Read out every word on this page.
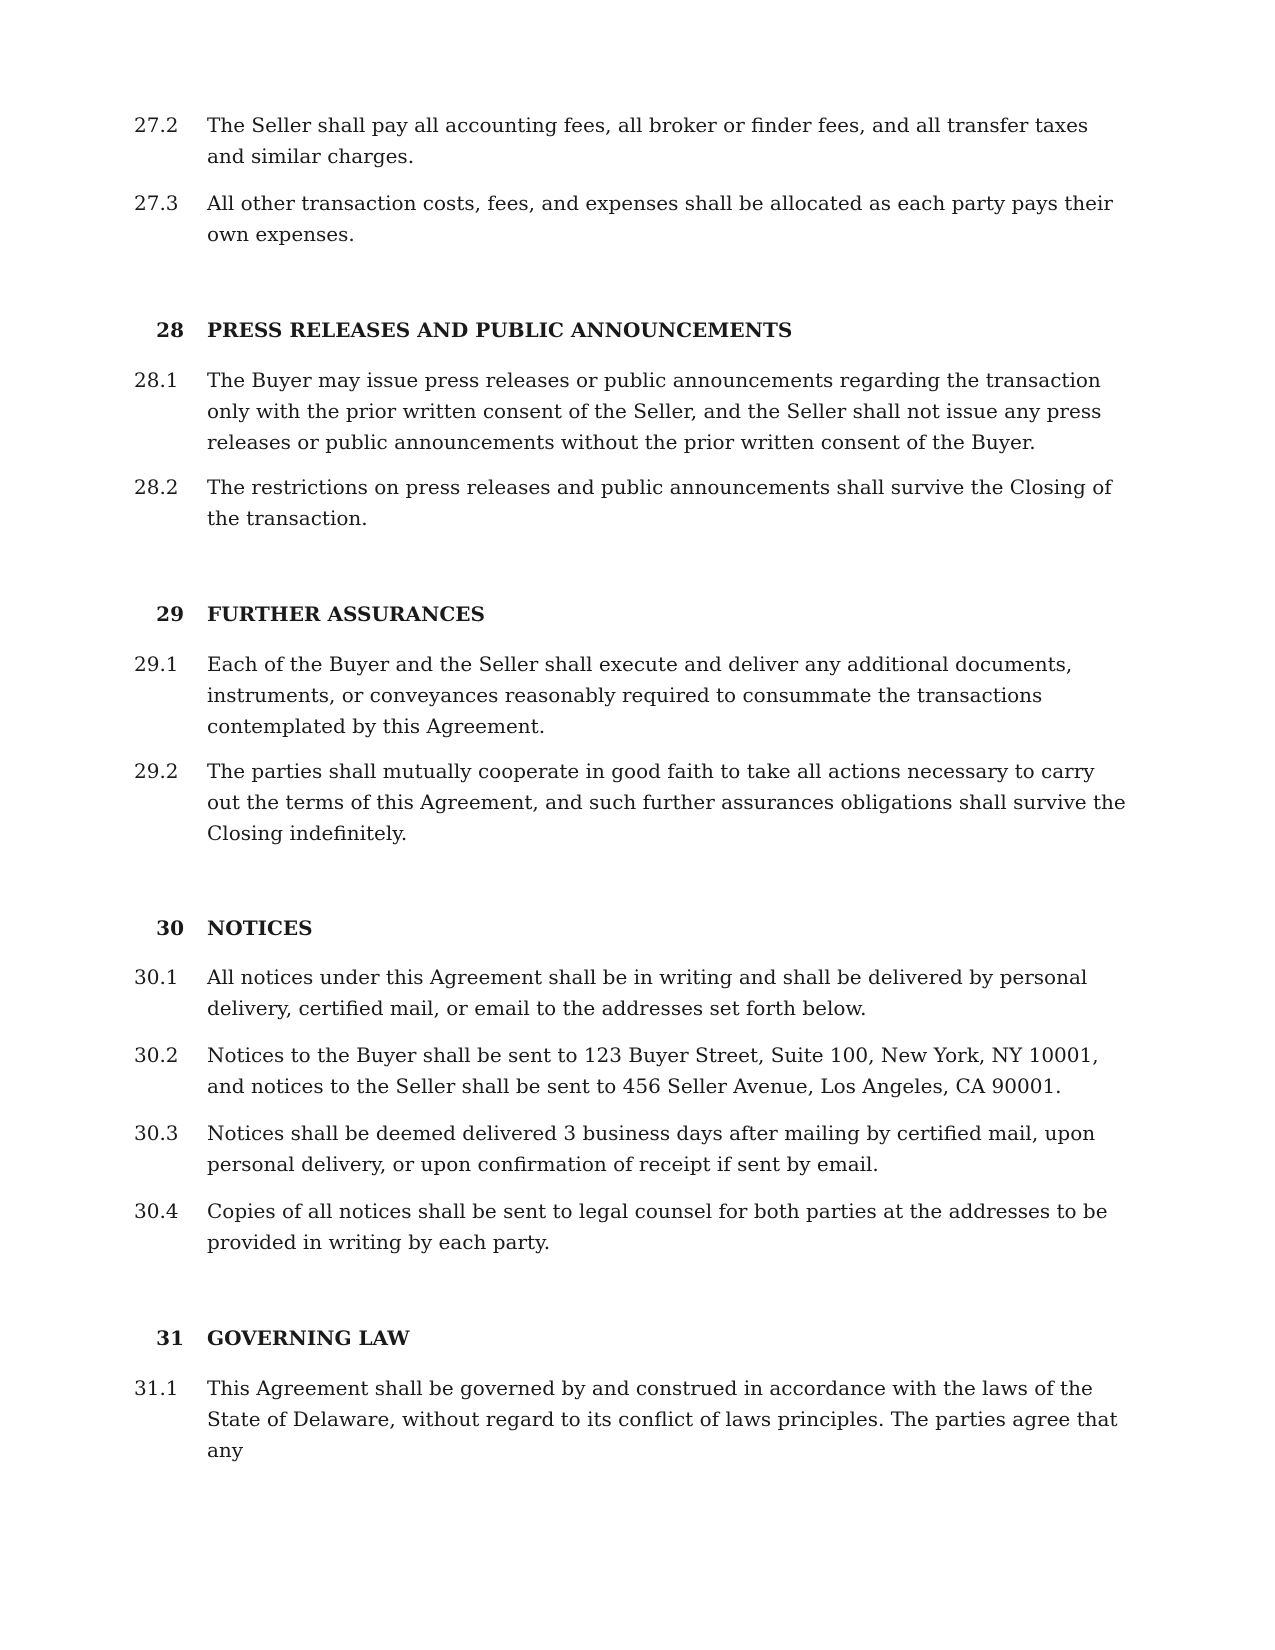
27.2	The Seller shall pay all accounting fees, all broker or finder fees, and all transfer taxes and similar charges.
27.3	All other transaction costs, fees, and expenses shall be allocated as each party pays their own expenses.
28 PRESS RELEASES AND PUBLIC ANNOUNCEMENTS
28.1	The Buyer may issue press releases or public announcements regarding the transaction only with the prior written consent of the Seller, and the Seller shall not issue any press releases or public announcements without the prior written consent of the Buyer.
28.2	The restrictions on press releases and public announcements shall survive the Closing of the transaction.
29 FURTHER ASSURANCES
29.1	Each of the Buyer and the Seller shall execute and deliver any additional documents, instruments, or conveyances reasonably required to consummate the transactions contemplated by this Agreement.
29.2	The parties shall mutually cooperate in good faith to take all actions necessary to carry out the terms of this Agreement, and such further assurances obligations shall survive the Closing indefinitely.
30 NOTICES
30.1	All notices under this Agreement shall be in writing and shall be delivered by personal delivery, certified mail, or email to the addresses set forth below.
30.2	Notices to the Buyer shall be sent to 123 Buyer Street, Suite 100, New York, NY 10001, and notices to the Seller shall be sent to 456 Seller Avenue, Los Angeles, CA 90001.
30.3	Notices shall be deemed delivered 3 business days after mailing by certified mail, upon personal delivery, or upon confirmation of receipt if sent by email.
30.4	Copies of all notices shall be sent to legal counsel for both parties at the addresses to be provided in writing by each party.
31 GOVERNING LAW
31.1	This Agreement shall be governed by and construed in accordance with the laws of the State of Delaware, without regard to its conflict of laws principles. The parties agree that any
